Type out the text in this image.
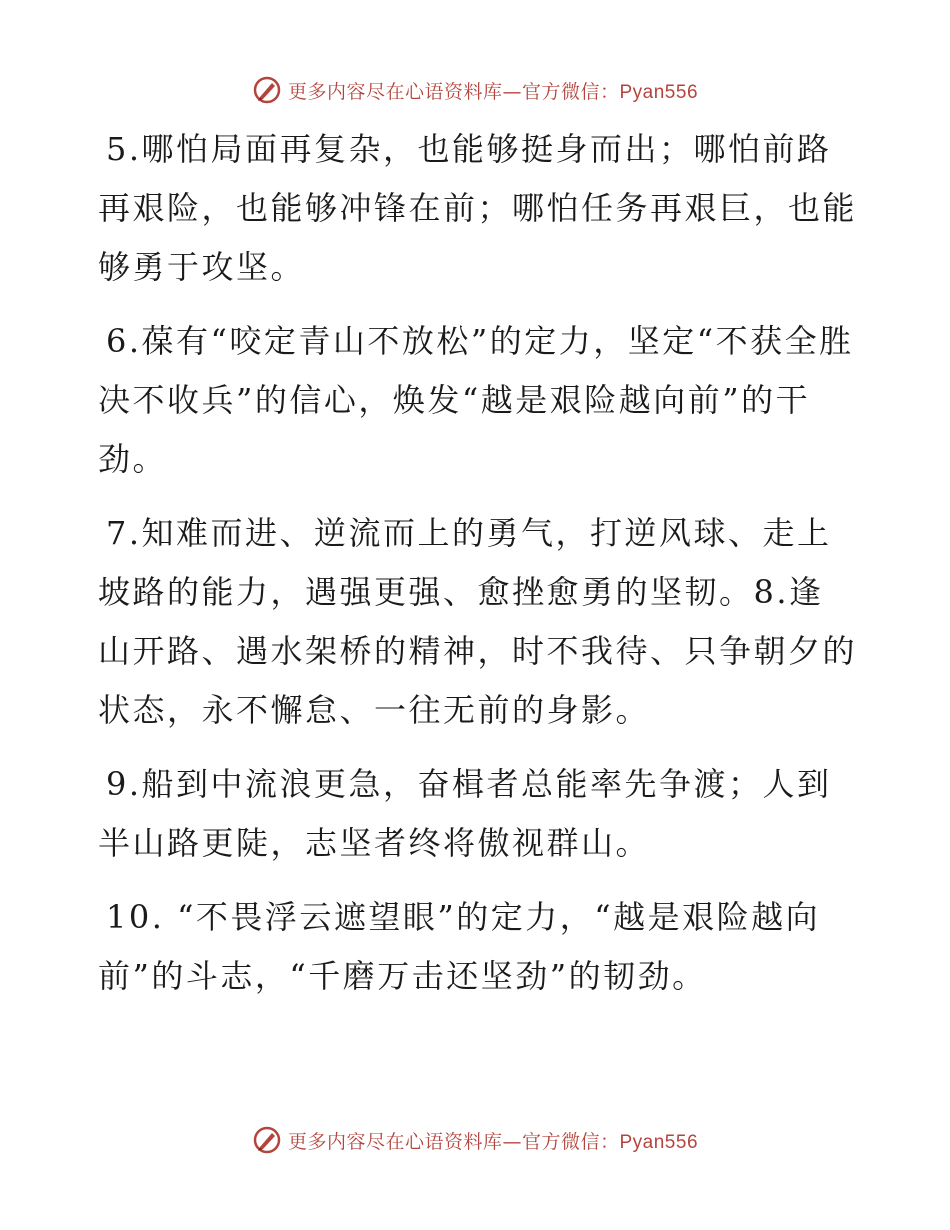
更多内容尽在心语资料库—官方微信：Pyan556

5.哪怕局面再复杂，也能够挺身而出；哪怕前路再艰险，也能够冲锋在前；哪怕任务再艰巨，也能够勇于攻坚。

6.葆有“咬定青山不放松”的定力，坚定“不获全胜决不收兵”的信心，焕发“越是艰险越向前”的干劲。

7.知难而进、逆流而上的勇气，打逆风球、走上坡路的能力，遇强更强、愈挫愈勇的坚韧。8.逢山开路、遇水架桥的精神，时不我待、只争朝夕的状态，永不懈怠、一往无前的身影。

9.船到中流浪更急，奋楫者总能率先争渡；人到半山路更陡，志坚者终将傲视群山。

10. “不畏浮云遮望眼”的定力，“越是艰险越向前”的斗志，“千磨万击还坚劲”的韧劲。

更多内容尽在心语资料库—官方微信：Pyan556
